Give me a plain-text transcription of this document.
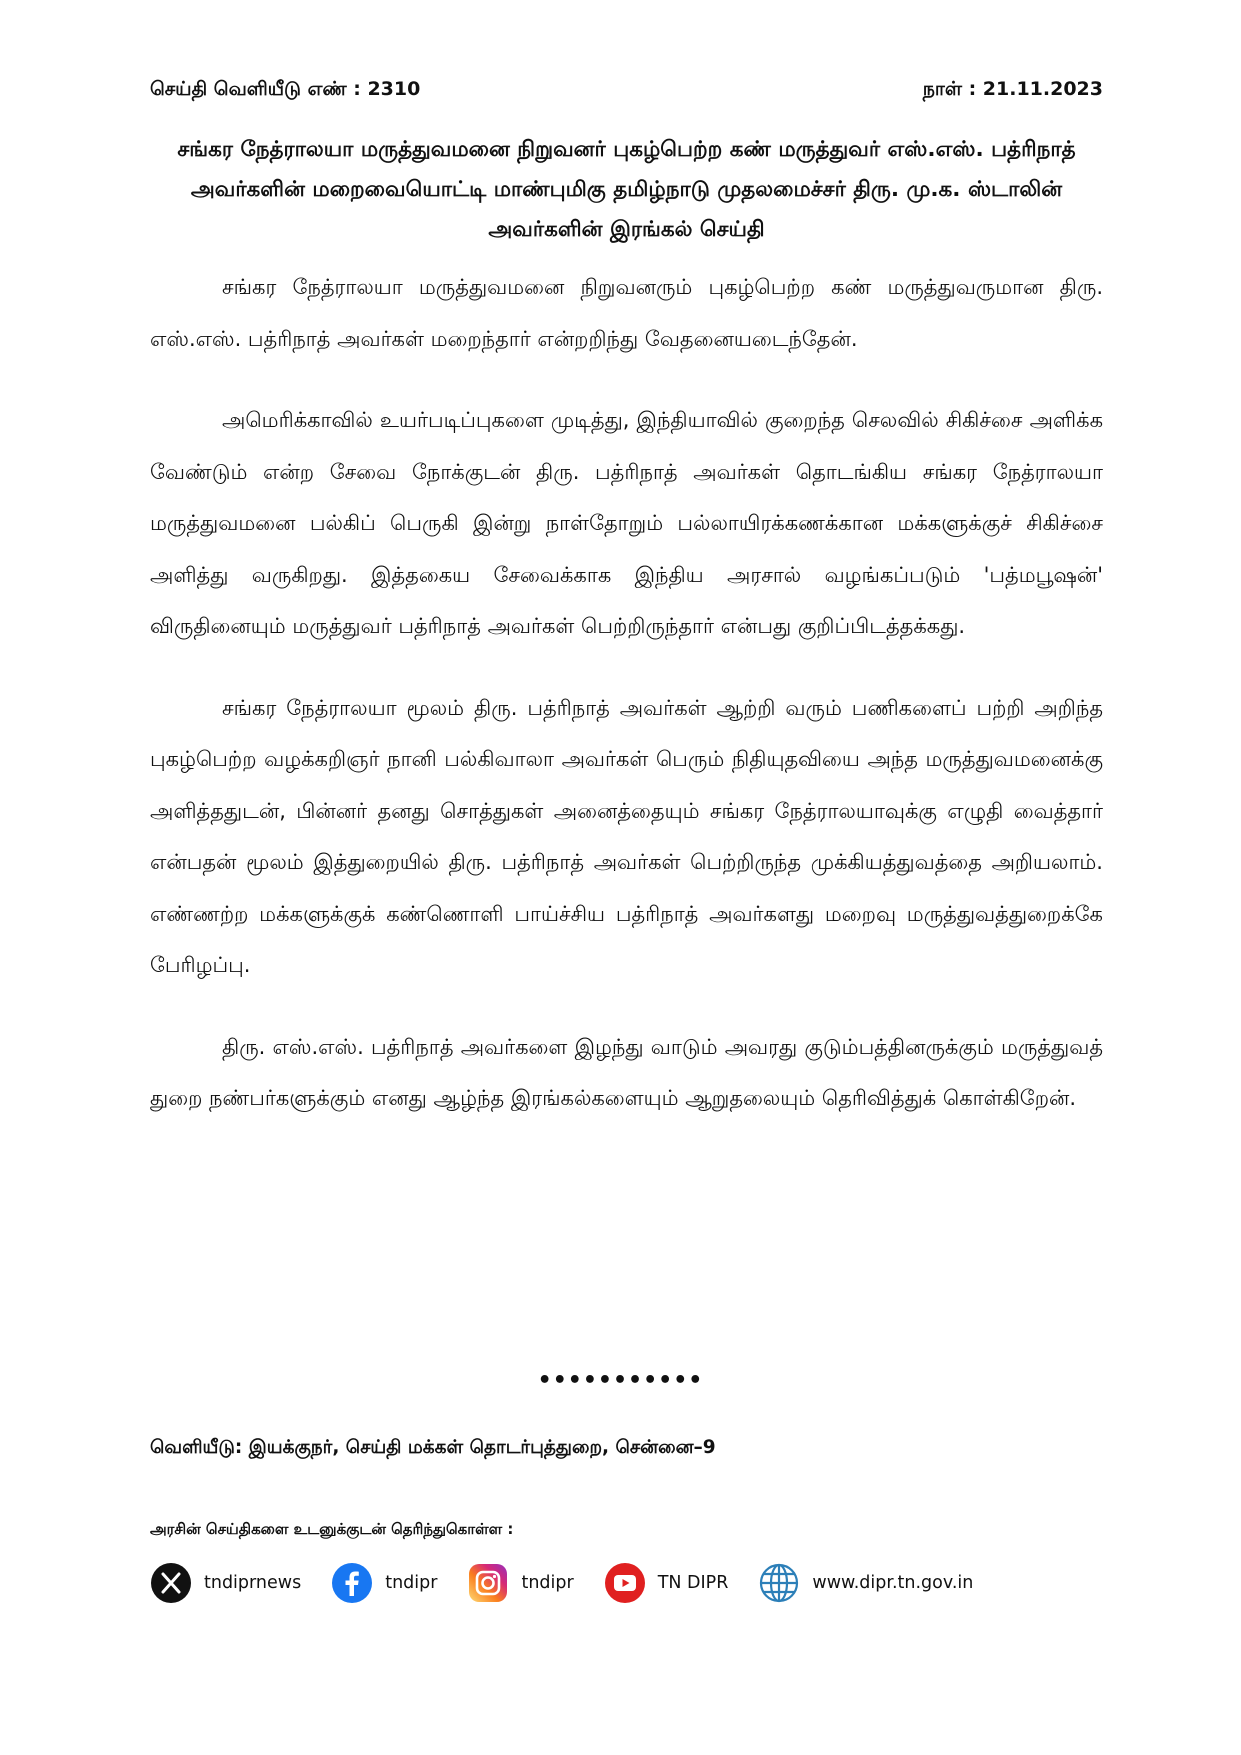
செய்தி வெளியீடு எண் : 2310	நாள் : 21.11.2023
சங்கர நேத்ராலயா மருத்துவமனை நிறுவனர் புகழ்பெற்ற கண் மருத்துவர் எஸ்.எஸ். பத்ரிநாத் அவர்களின் மறைவையொட்டி மாண்புமிகு தமிழ்நாடு முதலமைச்சர் திரு. மு.க. ஸ்டாலின் அவர்களின் இரங்கல் செய்தி

சங்கர நேத்ராலயா மருத்துவமனை நிறுவனரும் புகழ்பெற்ற கண் மருத்துவருமான திரு. எஸ்.எஸ். பத்ரிநாத் அவர்கள் மறைந்தார் என்றறிந்து வேதனையடைந்தேன்.

அமெரிக்காவில் உயர்படிப்புகளை முடித்து, இந்தியாவில் குறைந்த செலவில் சிகிச்சை அளிக்க வேண்டும் என்ற சேவை நோக்குடன் திரு. பத்ரிநாத் அவர்கள் தொடங்கிய சங்கர நேத்ராலயா மருத்துவமனை பல்கிப் பெருகி இன்று நாள்தோறும் பல்லாயிரக்கணக்கான மக்களுக்குச் சிகிச்சை அளித்து வருகிறது. இத்தகைய சேவைக்காக இந்திய அரசால் வழங்கப்படும் 'பத்மபூஷன்' விருதினையும் மருத்துவர் பத்ரிநாத் அவர்கள் பெற்றிருந்தார் என்பது குறிப்பிடத்தக்கது.

சங்கர நேத்ராலயா மூலம் திரு. பத்ரிநாத் அவர்கள் ஆற்றி வரும் பணிகளைப் பற்றி அறிந்த புகழ்பெற்ற வழக்கறிஞர் நானி பல்கிவாலா அவர்கள் பெரும் நிதியுதவியை அந்த மருத்துவமனைக்கு அளித்ததுடன், பின்னர் தனது சொத்துகள் அனைத்தையும் சங்கர நேத்ராலயாவுக்கு எழுதி வைத்தார் என்பதன் மூலம் இத்துறையில் திரு. பத்ரிநாத் அவர்கள் பெற்றிருந்த முக்கியத்துவத்தை அறியலாம். எண்ணற்ற மக்களுக்குக் கண்ணொளி பாய்ச்சிய பத்ரிநாத் அவர்களது மறைவு மருத்துவத்துறைக்கே பேரிழப்பு.

திரு. எஸ்.எஸ். பத்ரிநாத் அவர்களை இழந்து வாடும் அவரது குடும்பத்தினருக்கும் மருத்துவத் துறை நண்பர்களுக்கும் எனது ஆழ்ந்த இரங்கல்களையும் ஆறுதலையும் தெரிவித்துக் கொள்கிறேன்.

•••••••••••
வெளியீடு: இயக்குநர், செய்தி மக்கள் தொடர்புத்துறை, சென்னை–9
அரசின் செய்திகளை உடனுக்குடன் தெரிந்துகொள்ள :
tndiprnews	tndipr	tndipr	TN DIPR	www.dipr.tn.gov.in
